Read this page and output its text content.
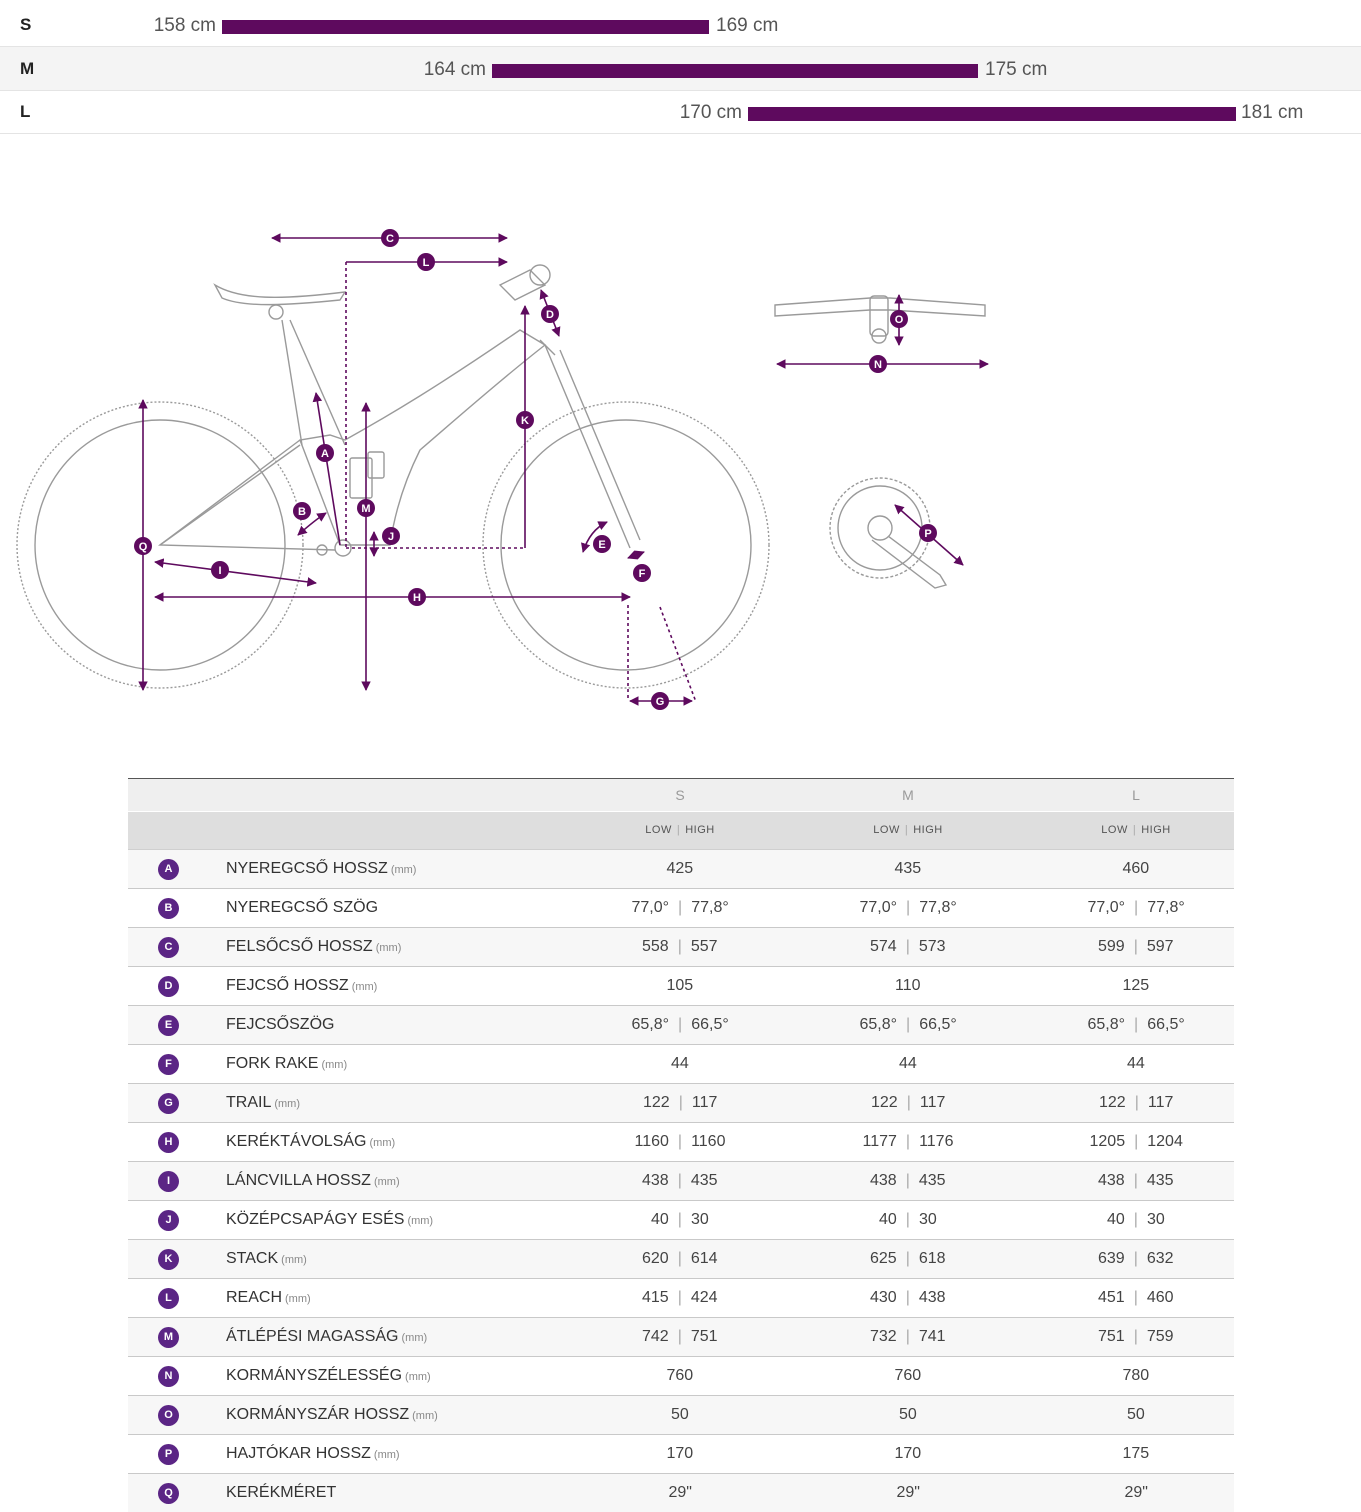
S	158 cm	169 cm
M	164 cm	175 cm
L	170 cm	181 cm
A
B
C
D
E
F
G
H
I
J
K
L
M
N
O
P
Q
S	M	L
LOW | HIGH	LOW | HIGH	LOW | HIGH
A	NYEREGCSŐ HOSSZ (mm)	425	435	460
B	NYEREGCSŐ SZÖG	77,0° | 77,8°	77,0° | 77,8°	77,0° | 77,8°
C	FELSŐCSŐ HOSSZ (mm)	558 | 557	574 | 573	599 | 597
D	FEJCSŐ HOSSZ (mm)	105	110	125
E	FEJCSŐSZÖG	65,8° | 66,5°	65,8° | 66,5°	65,8° | 66,5°
F	FORK RAKE (mm)	44	44	44
G	TRAIL (mm)	122 | 117	122 | 117	122 | 117
H	KERÉKTÁVOLSÁG (mm)	1160 | 1160	1177 | 1176	1205 | 1204
I	LÁNCVILLA HOSSZ (mm)	438 | 435	438 | 435	438 | 435
J	KÖZÉPCSAPÁGY ESÉS (mm)	40 | 30	40 | 30	40 | 30
K	STACK (mm)	620 | 614	625 | 618	639 | 632
L	REACH (mm)	415 | 424	430 | 438	451 | 460
M	ÁTLÉPÉSI MAGASSÁG (mm)	742 | 751	732 | 741	751 | 759
N	KORMÁNYSZÉLESSÉG (mm)	760	760	780
O	KORMÁNYSZÁR HOSSZ (mm)	50	50	50
P	HAJTÓKAR HOSSZ (mm)	170	170	175
Q	KERÉKMÉRET	29"	29"	29"
